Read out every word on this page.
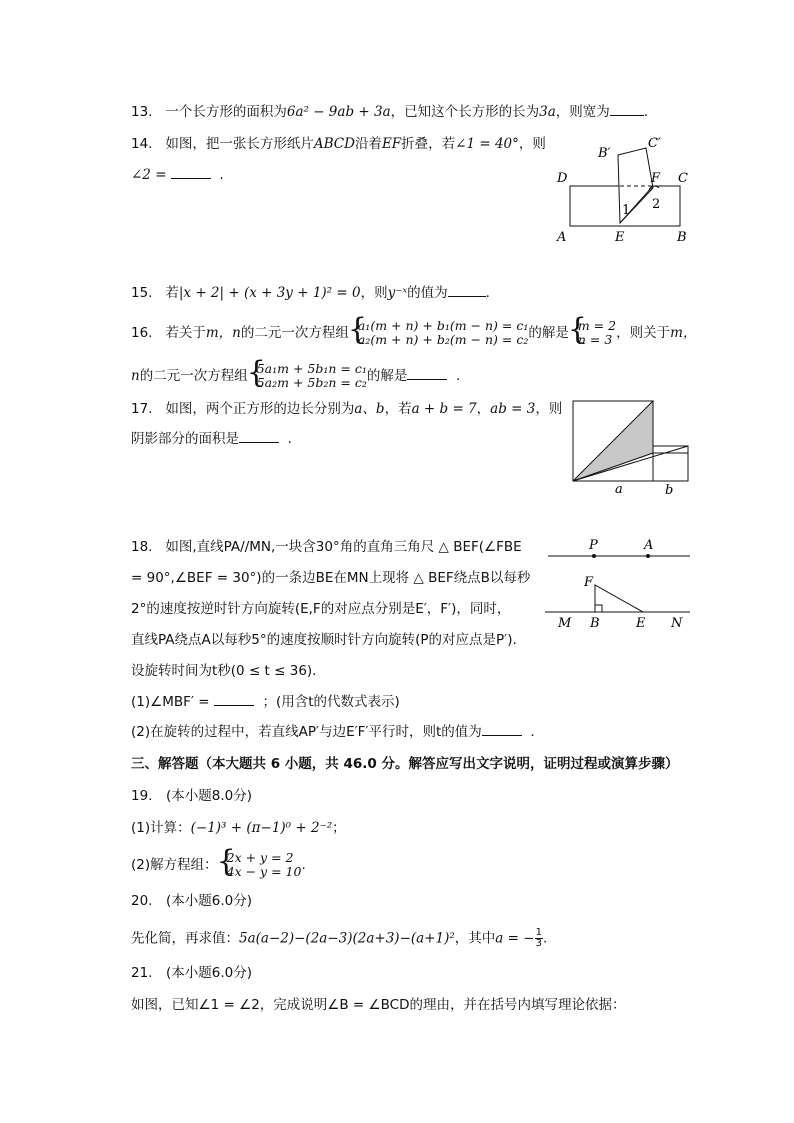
13. 一个长方形的面积为6a² − 9ab + 3a，已知这个长方形的长为3a，则宽为	.
14. 如图，把一张长方形纸片ABCD沿着EF折叠，若∠1 = 40°，则
∠2 =	.
B′
C′
D	F C
A	E	B
1 2
15. 若|x + 2| + (x + 3y + 1)² = 0，则y⁻ˣ的值为	.
16. 若关于m，n的二元一次方程组 { a₁(m + n) + b₁(m − n) = c₁
a₂(m + n) + b₂(m − n) = c₂ 的解是 { m = 2
n = 3 ，则关于m，
n的二元一次方程组 { 5a₁m + 5b₁n = c₁
5a₂m + 5b₂n = c₂ 的解是	.
17. 如图，两个正方形的边长分别为a、b，若a + b = 7，ab = 3，则
阴影部分的面积是	.
a	b
18. 如图,直线PA//MN,一块含30°角的直角三角尺 △ BEF(∠FBE
= 90°,∠BEF = 30°)的一条边BE在MN上现将 △ BEF绕点B以每秒
2°的速度按逆时针方向旋转(E,F的对应点分别是E′，F′)，同时，
直线PA绕点A以每秒5°的速度按顺时针方向旋转(P的对应点是P′).
设旋转时间为t秒(0 ≤ t ≤ 36)．
(1)∠MBF′ =	；(用含t的代数式表示)
(2)在旋转的过程中，若直线AP′与边E′F′平行时，则t的值为	.
P	A
F
M B	E N
三、解答题（本大题共 6 小题，共 46.0 分。解答应写出文字说明，证明过程或演算步骤）
19.　(本小题8.0分)
(1)计算：(−1)³ + (π−1)⁰ + 2⁻²；
(2)解方程组： { 2x + y = 2
4x − y = 10 .
20.　(本小题6.0分)
先化简，再求值：5a(a−2)−(2a−3)(2a+3)−(a+1)²，其中a = − $\frac{1}{3}$ .
21.　(本小题6.0分)
如图，已知∠1 = ∠2，完成说明∠B = ∠BCD的理由，并在括号内填写理论依据：
